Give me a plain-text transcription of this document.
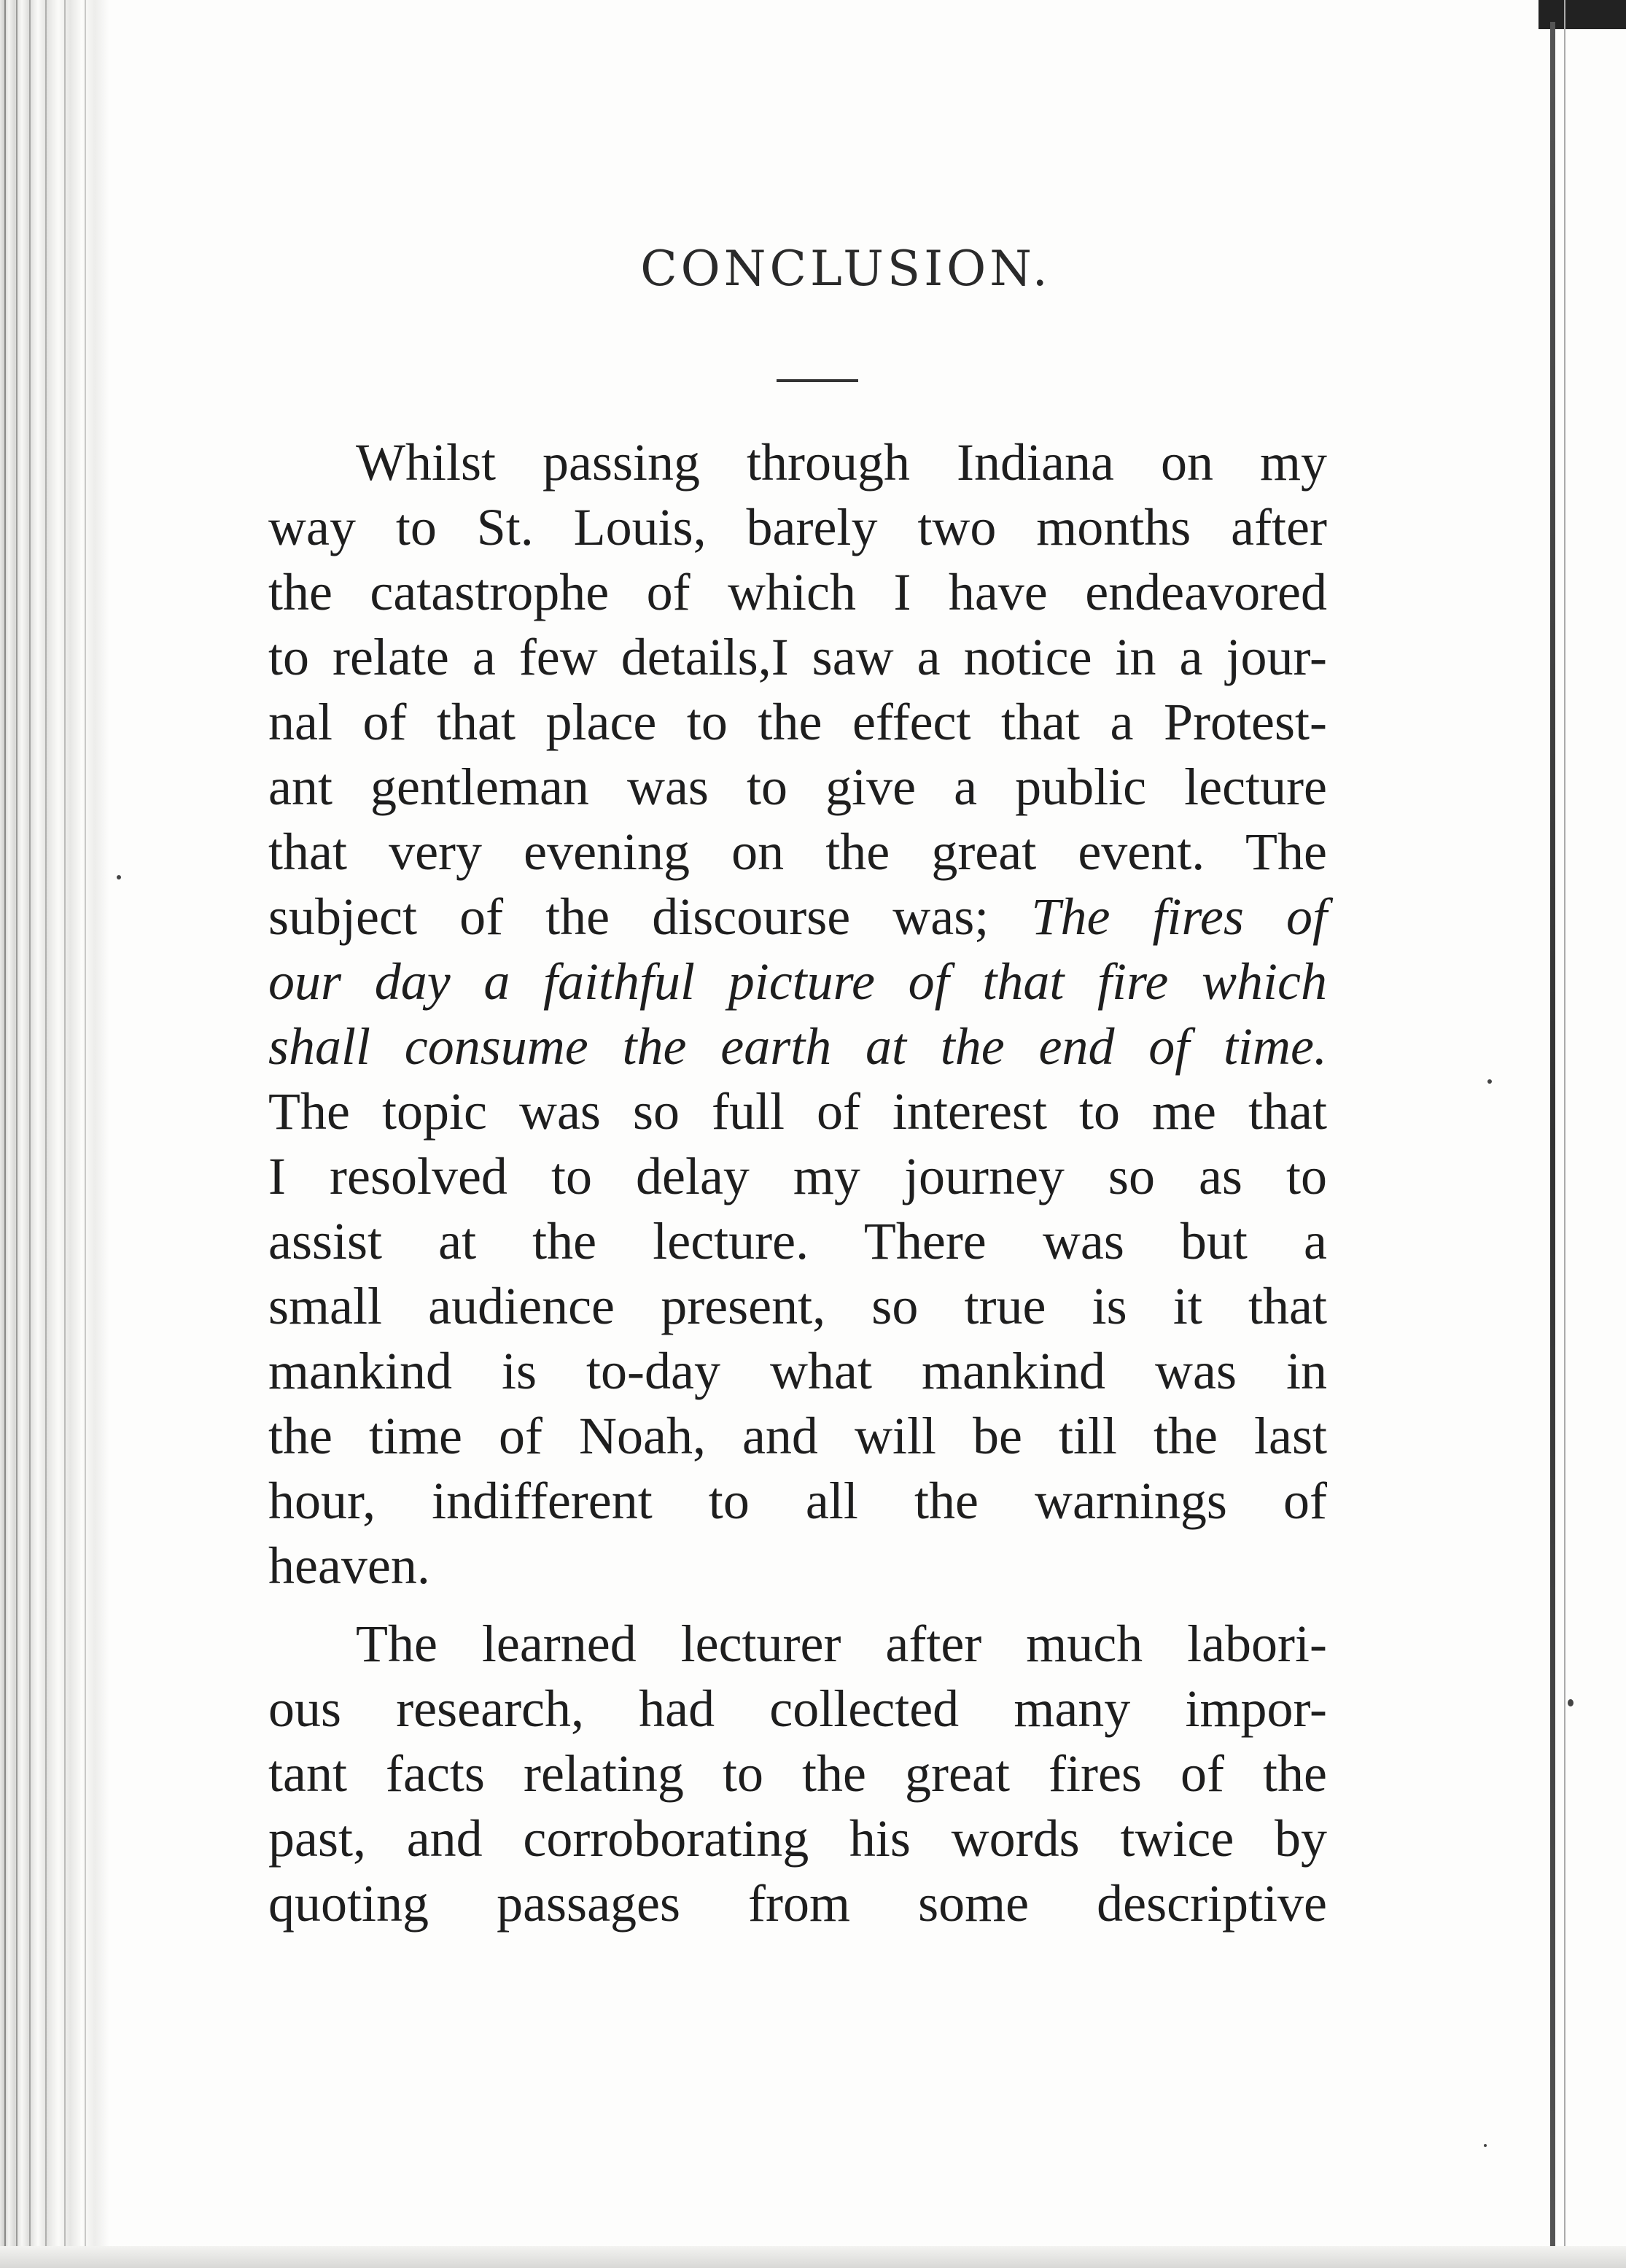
CONCLUSION.

Whilst passing through Indiana on my
way to St. Louis, barely two months after
the catastrophe of which I have endeavored
to relate a few details,I saw a notice in a jour-
nal of that place to the effect that a Protest-
ant gentleman was to give a public lecture
that very evening on the great event. The
subject of the discourse was; The fires of
our day a faithful picture of that fire which
shall consume the earth at the end of time.
The topic was so full of interest to me that
I resolved to delay my journey so as to
assist at the lecture. There was but a
small audience present, so true is it that
mankind is to-day what mankind was in
the time of Noah, and will be till the last
hour, indifferent to all the warnings of
heaven.

The learned lecturer after much labori-
ous research, had collected many impor-
tant facts relating to the great fires of the
past, and corroborating his words twice by
quoting passages from some descriptive
